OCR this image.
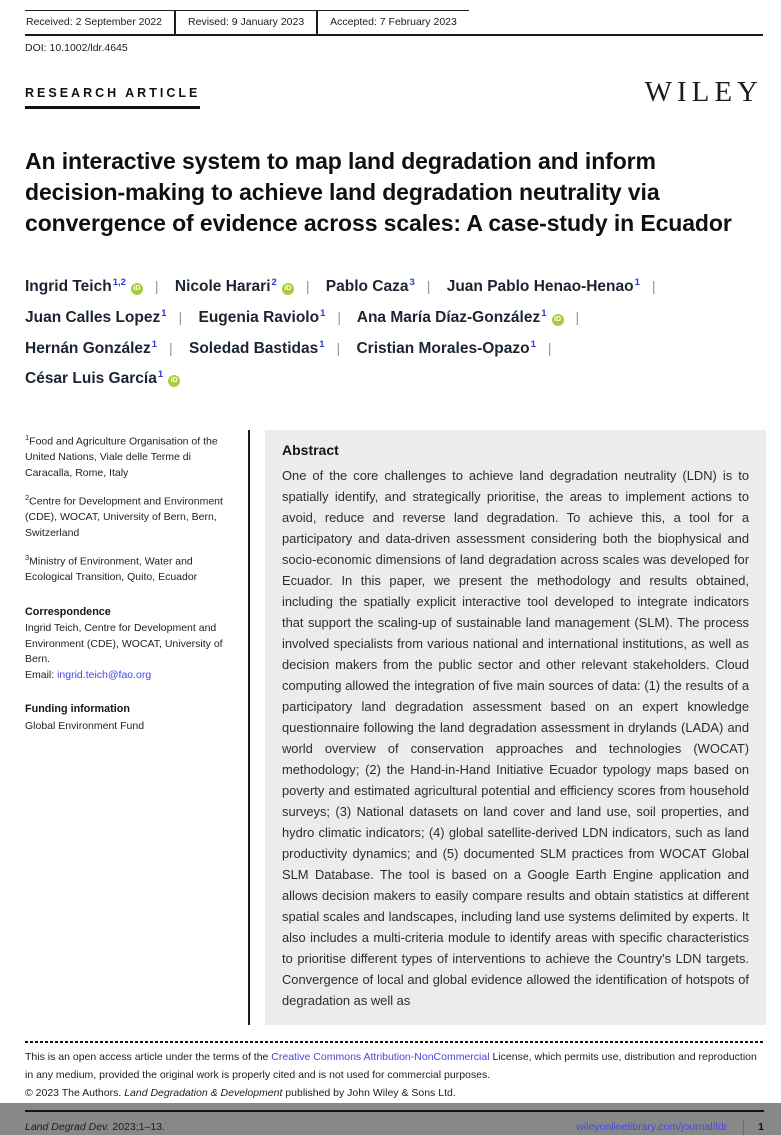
Received: 2 September 2022	Revised: 9 January 2023	Accepted: 7 February 2023
DOI: 10.1002/ldr.4645
RESEARCH ARTICLE	WILEY
An interactive system to map land degradation and inform decision-making to achieve land degradation neutrality via convergence of evidence across scales: A case-study in Ecuador
Ingrid Teich$^{1,2}$iD | Nicole Harari$^2$iD | Pablo Caza$^3$ | Juan Pablo Henao-Henao$^1$ |
Juan Calles Lopez$^1$ | Eugenia Raviolo$^1$ | Ana María Díaz-González$^1$iD |
Hernán González$^1$ | Soledad Bastidas$^1$ | Cristian Morales-Opazo$^1$ |
César Luis García$^1$iD

$^1$Food and Agriculture Organisation of the United Nations, Viale delle Terme di Caracalla, Rome, Italy

$^2$Centre for Development and Environment (CDE), WOCAT, University of Bern, Bern, Switzerland

$^3$Ministry of Environment, Water and Ecological Transition, Quito, Ecuador

Correspondence

Ingrid Teich, Centre for Development and Environment (CDE), WOCAT, University of Bern.

Email: ingrid.teich@fao.org

Funding information

Global Environment Fund

Abstract

One of the core challenges to achieve land degradation neutrality (LDN) is to spatially identify, and strategically prioritise, the areas to implement actions to avoid, reduce and reverse land degradation. To achieve this, a tool for a participatory and data-driven assessment considering both the biophysical and socio-economic dimensions of land degradation across scales was developed for Ecuador. In this paper, we present the methodology and results obtained, including the spatially explicit interactive tool developed to integrate indicators that support the scaling-up of sustainable land management (SLM). The process involved specialists from various national and international institutions, as well as decision makers from the public sector and other relevant stakeholders. Cloud computing allowed the integration of five main sources of data: (1) the results of a participatory land degradation assessment based on an expert knowledge questionnaire following the land degradation assessment in drylands (LADA) and world overview of conservation approaches and technologies (WOCAT) methodology; (2) the Hand-in-Hand Initiative Ecuador typology maps based on poverty and estimated agricultural potential and efficiency scores from household surveys; (3) National datasets on land cover and land use, soil properties, and hydro climatic indicators; (4) global satellite-derived LDN indicators, such as land productivity dynamics; and (5) documented SLM practices from WOCAT Global SLM Database. The tool is based on a Google Earth Engine application and allows decision makers to easily compare results and obtain statistics at different spatial scales and landscapes, including land use systems delimited by experts. It also includes a multi-criteria module to identify areas with specific characteristics to prioritise different types of interventions to achieve the Country's LDN targets. Convergence of local and global evidence allowed the identification of hotspots of degradation as well as

This is an open access article under the terms of the Creative Commons Attribution-NonCommercial License, which permits use, distribution and reproduction in any medium, provided the original work is properly cited and is not used for commercial purposes.

© 2023 The Authors. Land Degradation & Development published by John Wiley & Sons Ltd.

Land Degrad Dev. 2023;1–13.	wileyonlinelibrary.com/journal/ldr	1
